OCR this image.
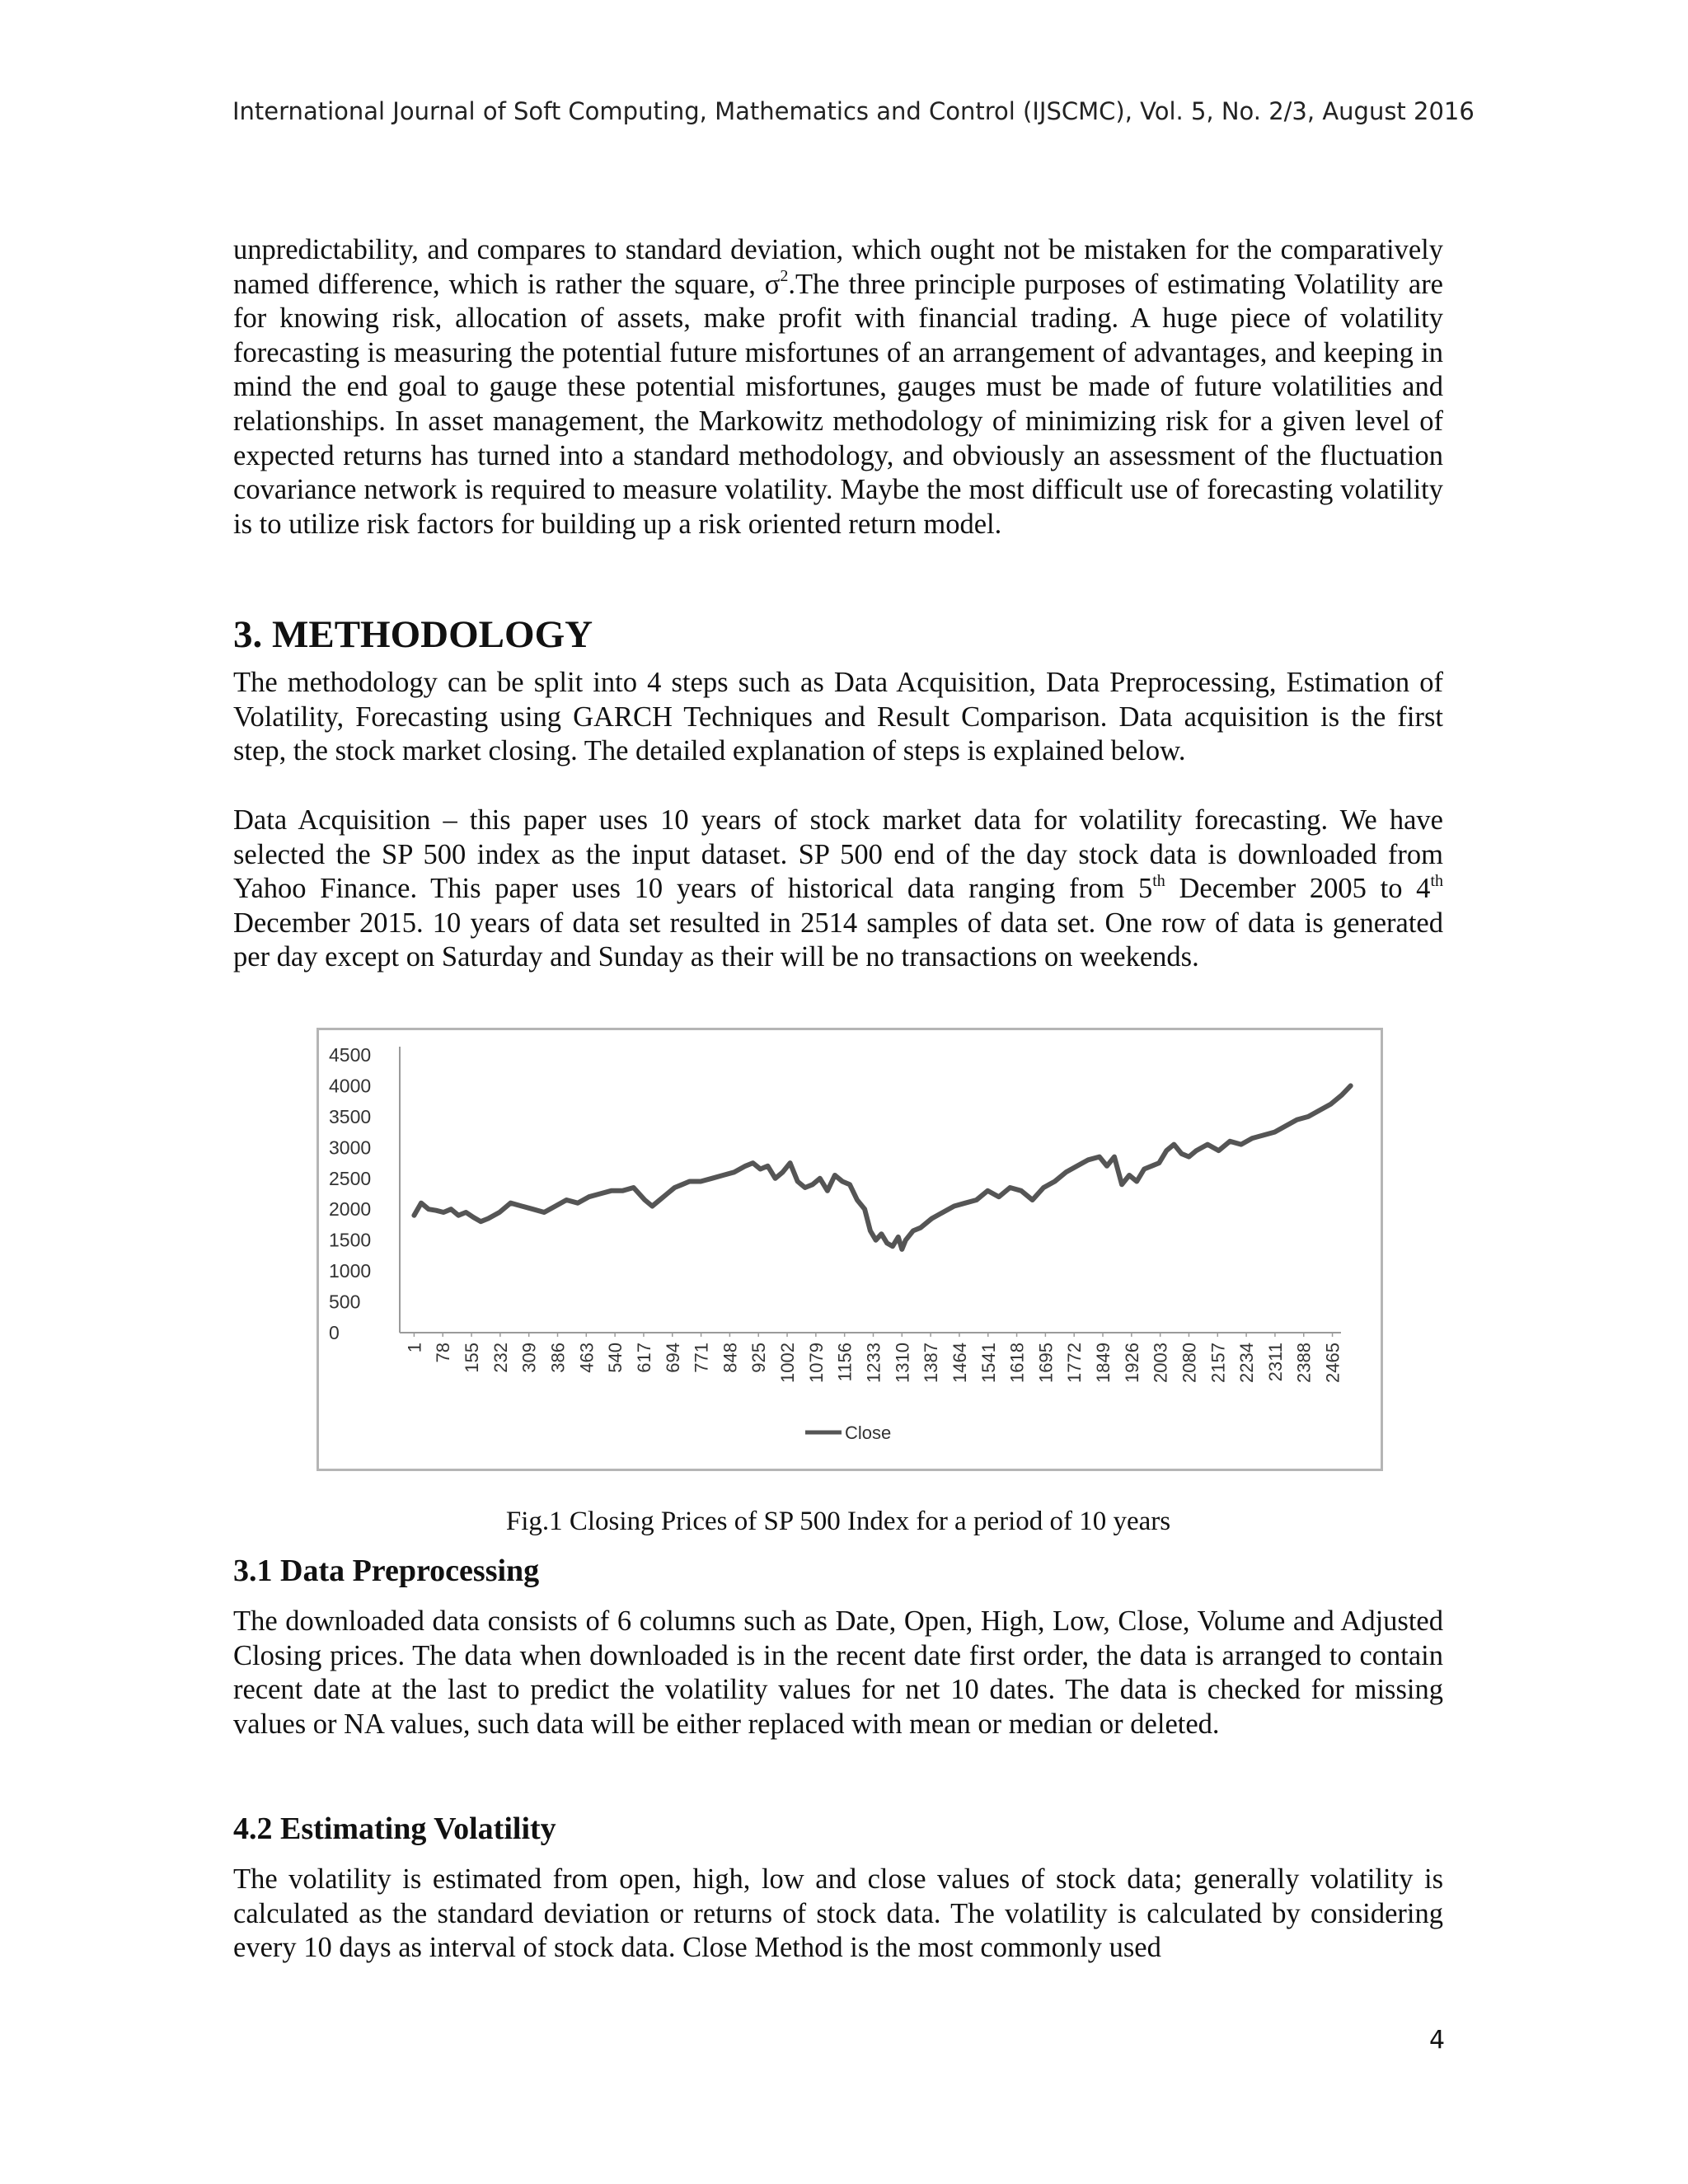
International Journal of Soft Computing, Mathematics and Control (IJSCMC), Vol. 5, No. 2/3, August 2016

unpredictability, and compares to standard deviation, which ought not be mistaken for the comparatively named difference, which is rather the square, $\sigma^2.The$ three principle purposes of estimating Volatility are for knowing risk, allocation of assets, make profit with financial trading. A huge piece of volatility forecasting is measuring the potential future misfortunes of an arrangement of advantages, and keeping in mind the end goal to gauge these potential misfortunes, gauges must be made of future volatilities and relationships. In asset management, the Markowitz methodology of minimizing risk for a given level of expected returns has turned into a standard methodology, and obviously an assessment of the fluctuation covariance network is required to measure volatility. Maybe the most difficult use of forecasting volatility is to utilize risk factors for building up a risk oriented return model.

3. METHODOLOGY

The methodology can be split into 4 steps such as Data Acquisition, Data Preprocessing, Estimation of Volatility, Forecasting using GARCH Techniques and Result Comparison. Data acquisition is the first step, the stock market closing. The detailed explanation of steps is explained below.

Data Acquisition – this paper uses 10 years of stock market data for volatility forecasting. We have selected the SP 500 index as the input dataset. SP 500 end of the day stock data is downloaded from Yahoo Finance. This paper uses 10 years of historical data ranging from 5th December 2005 to 4th December 2015. 10 years of data set resulted in 2514 samples of data set. One row of data is generated per day except on Saturday and Sunday as their will be no transactions on weekends.

0
500
1000
1500
2000
2500
3000
3500
4000
4500
1 78 155 232 309 386 463 540 617 694 771 848 925 1002 1079 1156 1233 1310 1387 1464 1541 1618 1695 1772 1849 1926 2003 2080 2157 2234 2311 2388 2465
Close
Fig.1 Closing Prices of SP 500 Index for a period of 10 years
3.1 Data Preprocessing

The downloaded data consists of 6 columns such as Date, Open, High, Low, Close, Volume and Adjusted Closing prices. The data when downloaded is in the recent date first order, the data is arranged to contain recent date at the last to predict the volatility values for net 10 dates. The data is checked for missing values or NA values, such data will be either replaced with mean or median or deleted.

4.2 Estimating Volatility

The volatility is estimated from open, high, low and close values of stock data; generally volatility is calculated as the standard deviation or returns of stock data. The volatility is calculated by considering every 10 days as interval of stock data. Close Method is the most commonly used

4
